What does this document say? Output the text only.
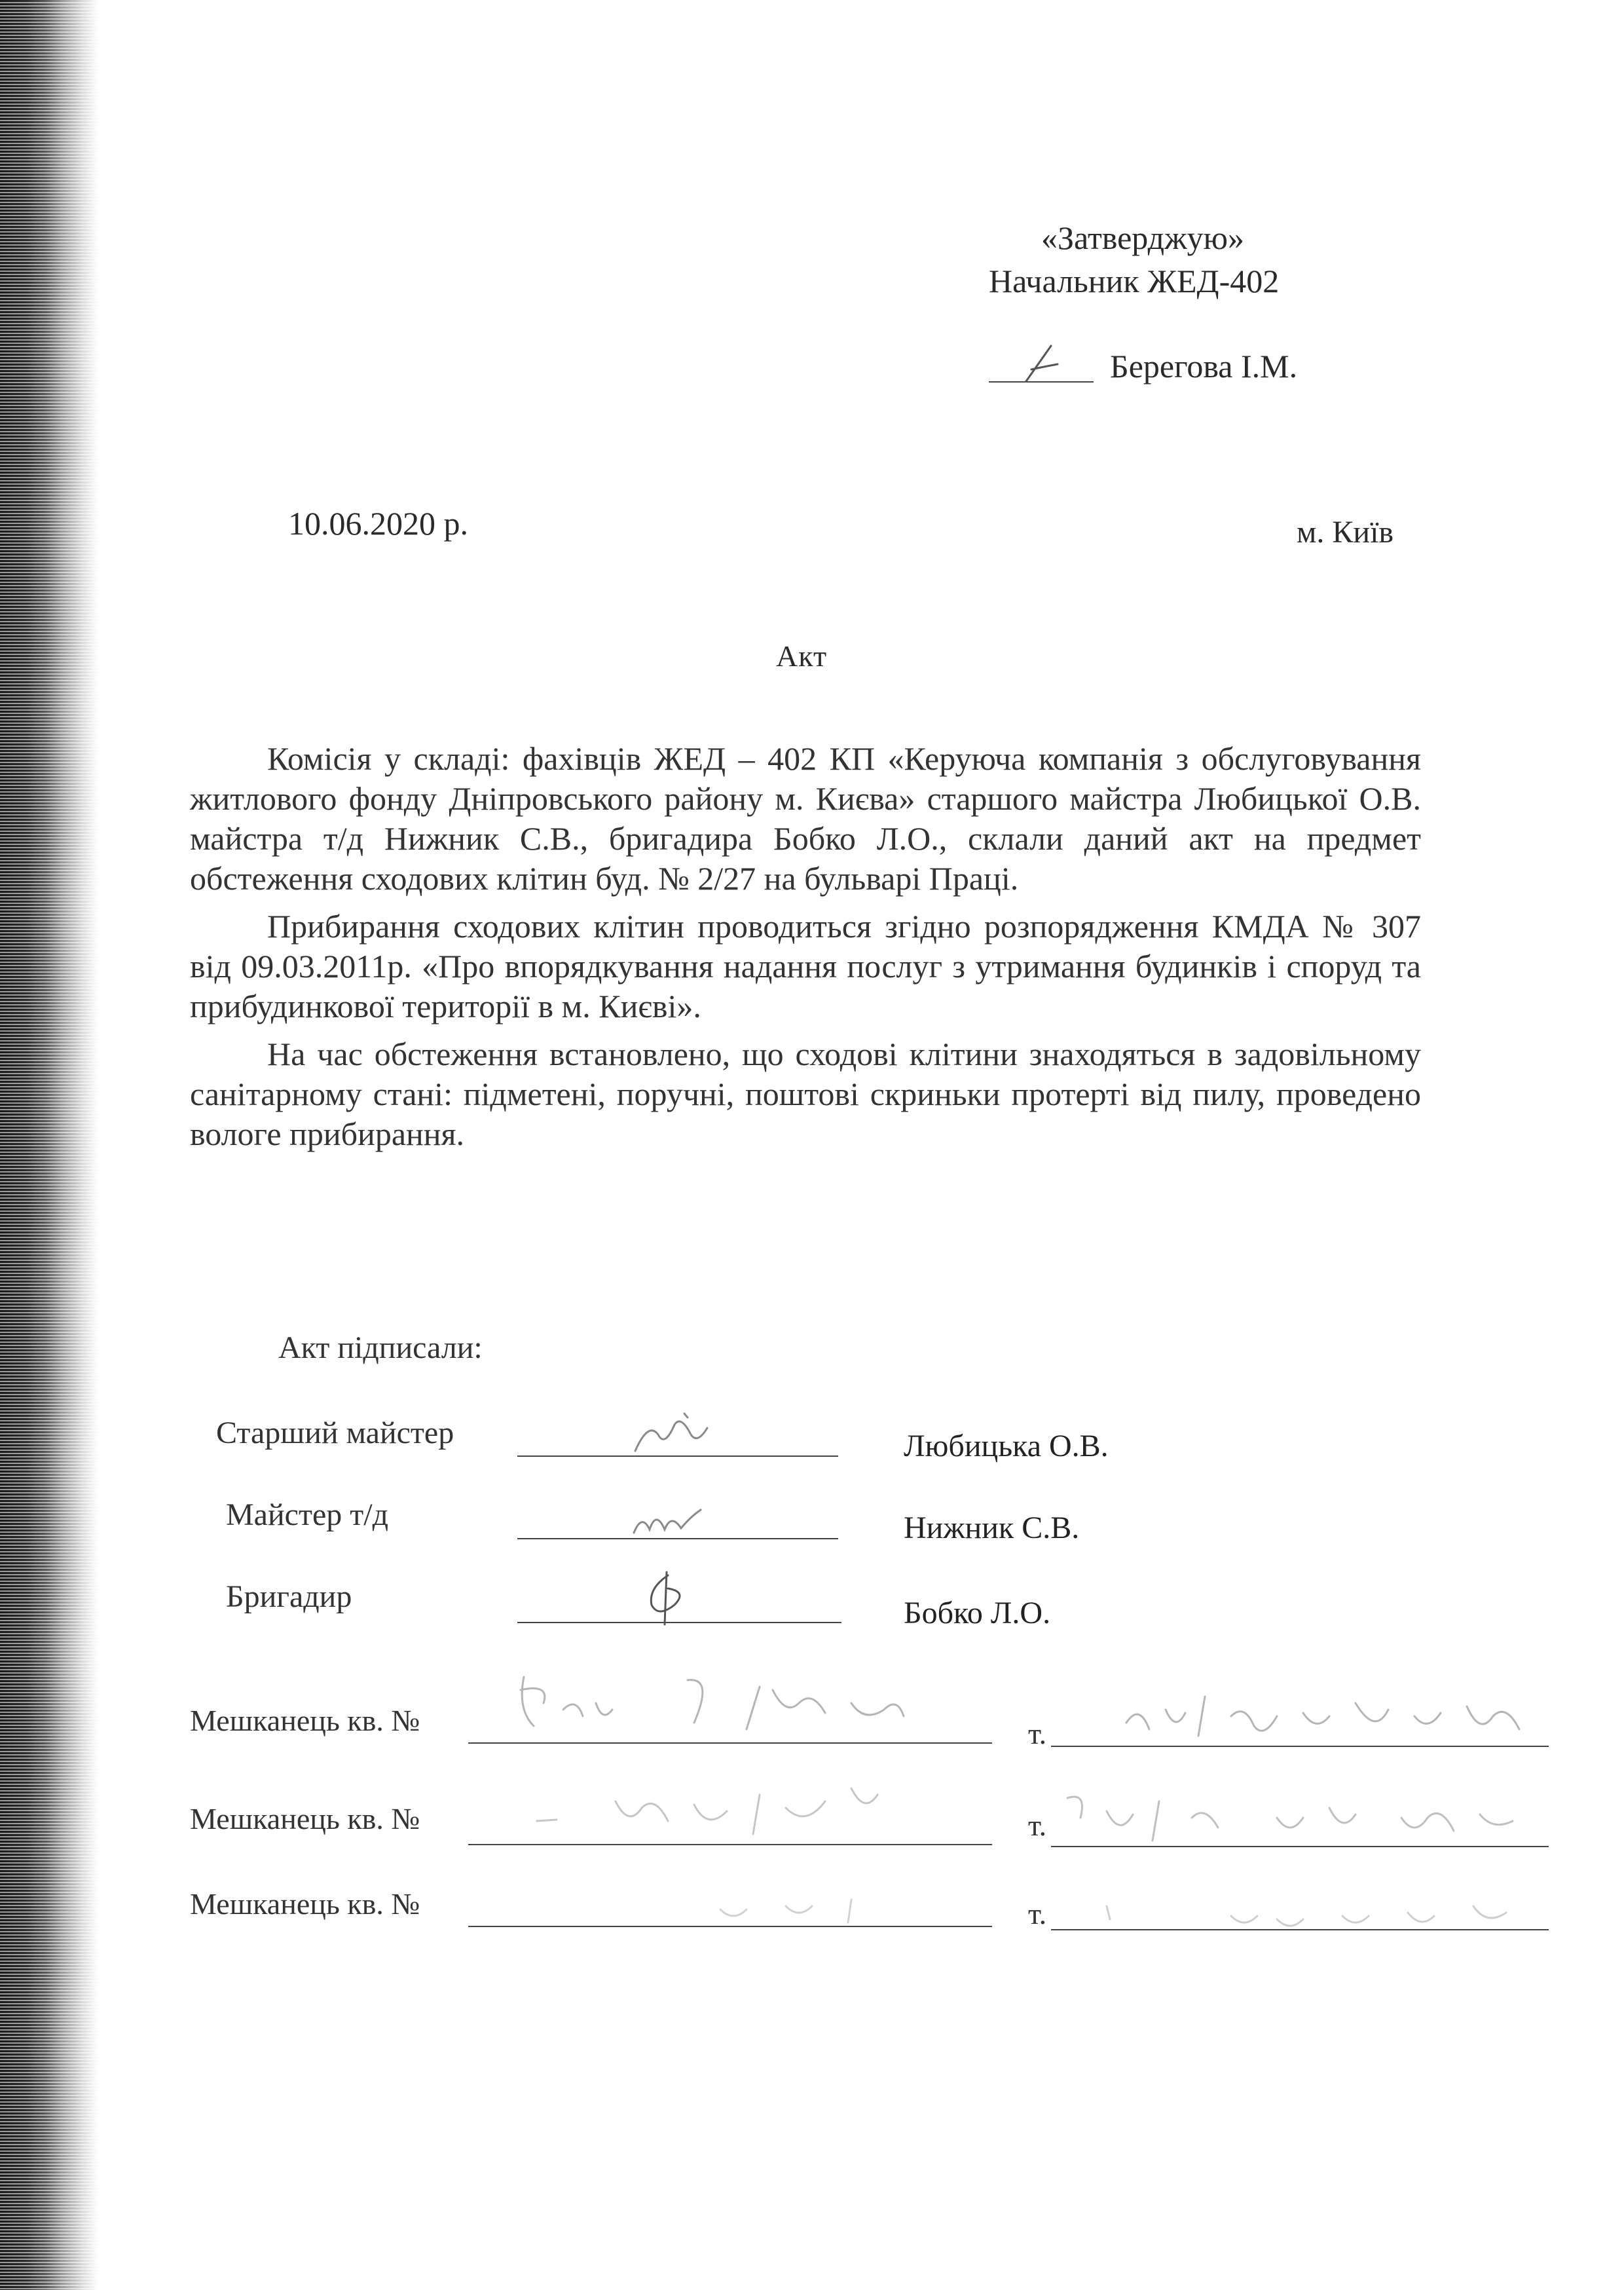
«Затверджую»
Начальник ЖЕД-402
Берегова І.М.
10.06.2020 р.	м. Київ
Акт

Комісія у складі: фахівців ЖЕД – 402 КП «Керуюча компанія з обслуговування житлового фонду Дніпровського району м. Києва» старшого майстра Любицької О.В. майстра т/д Нижник С.В., бригадира Бобко Л.О., склали даний акт на предмет обстеження сходових клітин буд. № 2/27 на бульварі Праці.

Прибирання сходових клітин проводиться згідно розпорядження КМДА № 307 від 09.03.2011р. «Про впорядкування надання послуг з утримання будинків і споруд та прибудинкової території в м. Києві».

На час обстеження встановлено, що сходові клітини знаходяться в задовільному санітарному стані: підметені, поручні, поштові скриньки протерті від пилу, проведено вологе прибирання.

Акт підписали:
Старший майстер	Любицька О.В.
Майстер т/д	Нижник С.В.
Бригадир	Бобко Л.О.
Мешканець кв. №	т.
Мешканець кв. №	т.
Мешканець кв. №	т.
